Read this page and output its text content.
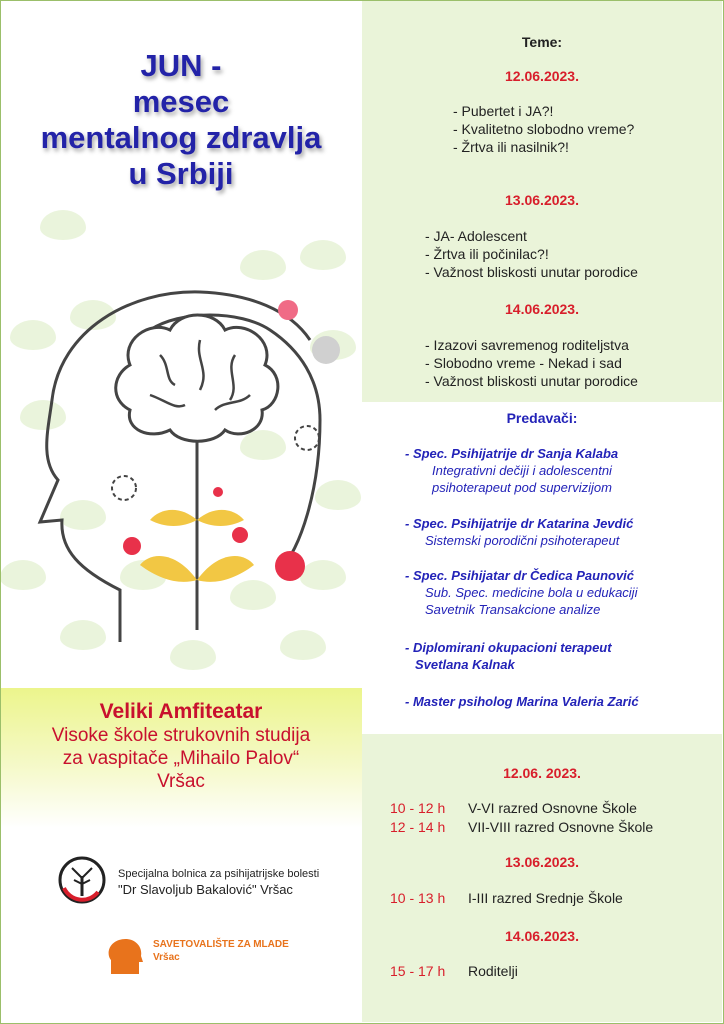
JUN -
mesec
mentalnog zdravlja
u Srbiji
Veliki Amfiteatar
Visoke škole strukovnih studija
za vaspitače „Mihailo Palov“
Vršac
Specijalna bolnica za psihijatrijske bolesti
"Dr Slavoljub Bakalović" Vršac
SAVETOVALIŠTE ZA MLADE
Vršac
Teme:
12.06.2023.
- Pubertet i JA?!
- Kvalitetno slobodno vreme?
- Žrtva ili nasilnik?!
13.06.2023.
- JA- Adolescent
- Žrtva ili počinilac?!
- Važnost bliskosti unutar porodice
14.06.2023.
- Izazovi savremenog roditeljstva
- Slobodno vreme - Nekad i sad
- Važnost bliskosti unutar porodice
Predavači:
- Spec. Psihijatrije dr Sanja Kalaba
Integrativni dečiji i adolescentni
psihoterapeut pod supervizijom
- Spec. Psihijatrije dr Katarina Jevdić
Sistemski porodični psihoterapeut
- Spec. Psihijatar dr Čedica Paunović
Sub. Spec. medicine bola u edukaciji
Savetnik Transakcione analize
- Diplomirani okupacioni terapeut
Svetlana Kalnak
- Master psiholog Marina Valeria Zarić
12.06. 2023.
10 - 12 h V-VI razred Osnovne Škole
12 - 14 h VII-VIII razred Osnovne Škole
13.06.2023.
10 - 13 h I-III razred Srednje Škole
14.06.2023.
15 - 17 h Roditelji
